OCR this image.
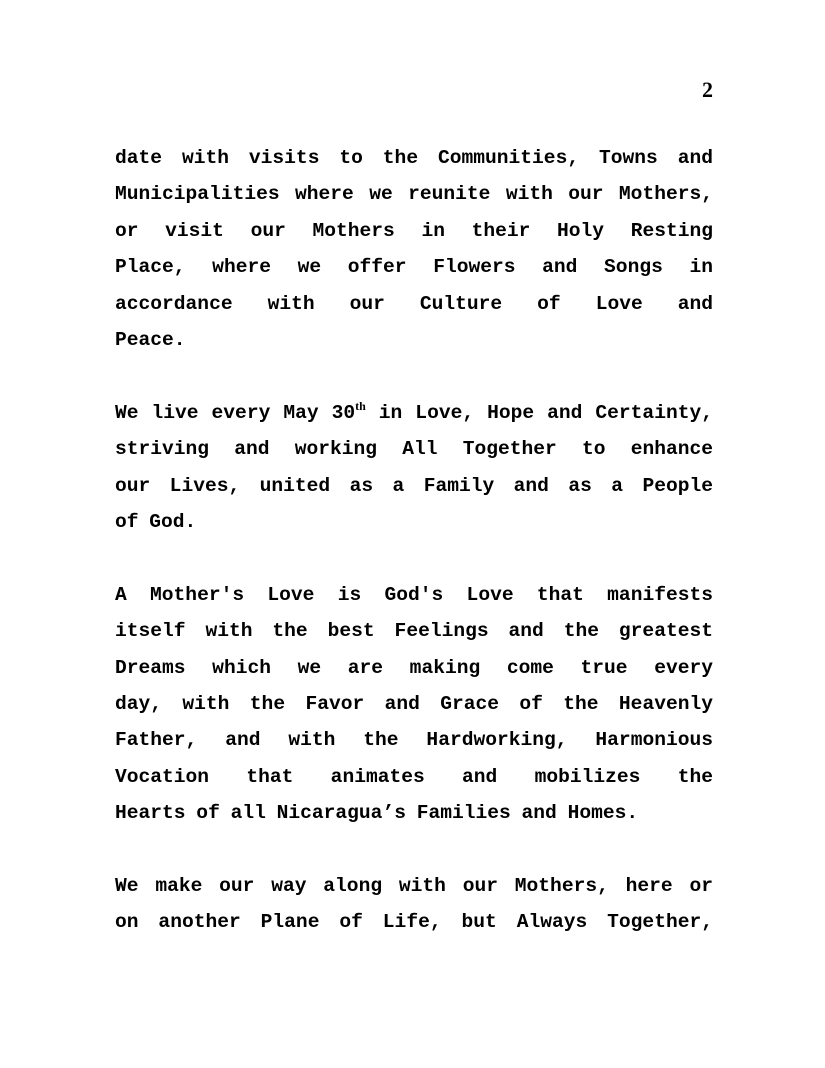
2

date with visits to the Communities, Towns and
Municipalities where we reunite with our Mothers,
or visit our Mothers in their Holy Resting
Place, where we offer Flowers and Songs in
accordance with our Culture of Love and
Peace.

We live every May 30th in Love, Hope and Certainty,
striving and working All Together to enhance
our Lives, united as a Family and as a People
of God.

A Mother's Love is God's Love that manifests
itself with the best Feelings and the greatest
Dreams which we are making come true every
day, with the Favor and Grace of the Heavenly
Father, and with the Hardworking, Harmonious
Vocation that animates and mobilizes the
Hearts of all Nicaragua’s Families and Homes.

We make our way along with our Mothers, here or
on another Plane of Life, but Always Together,
